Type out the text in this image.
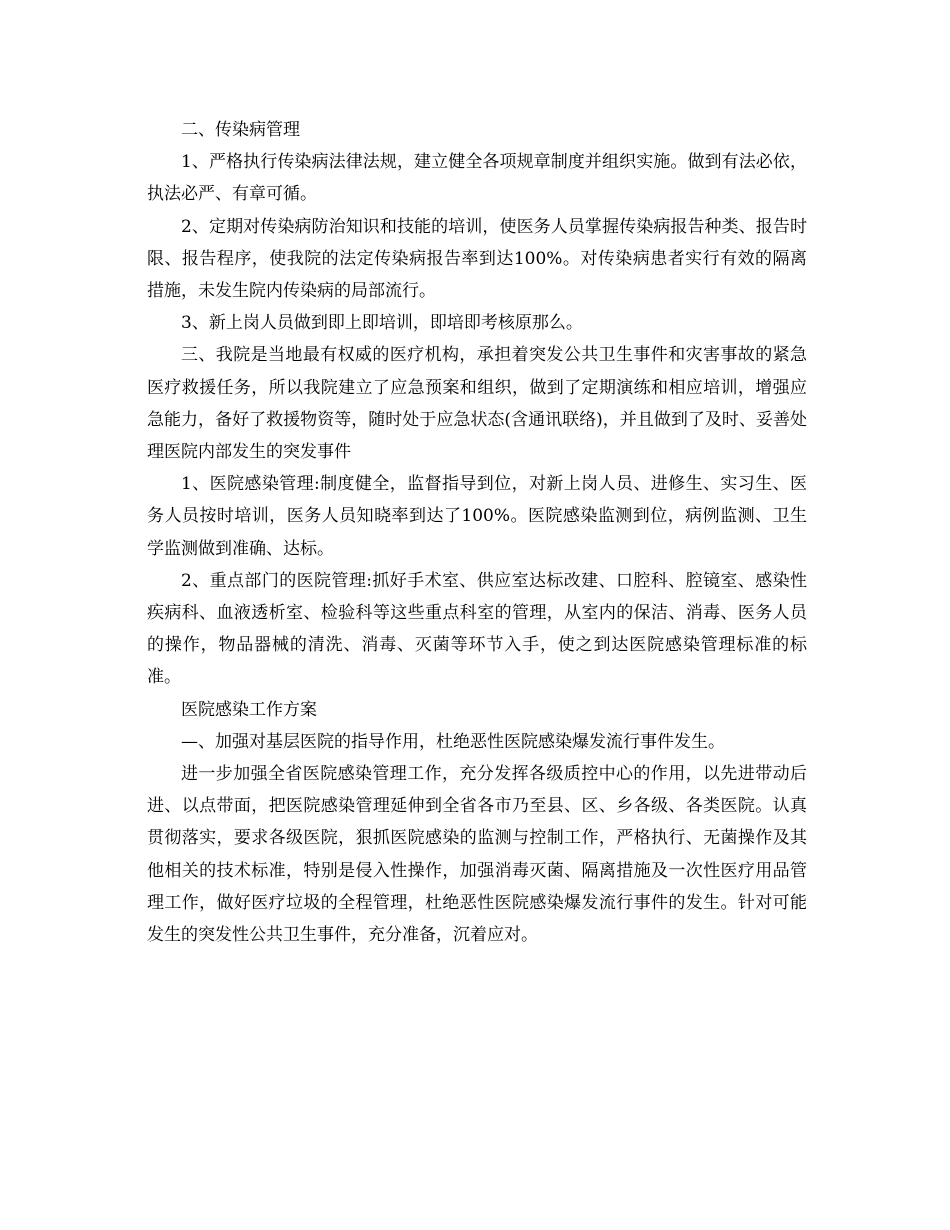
二、传染病管理

1、严格执行传染病法律法规，建立健全各项规章制度并组织实施。做到有法必依，执法必严、有章可循。

2、定期对传染病防治知识和技能的培训，使医务人员掌握传染病报告种类、报告时限、报告程序，使我院的法定传染病报告率到达100%。对传染病患者实行有效的隔离措施，未发生院内传染病的局部流行。

3、新上岗人员做到即上即培训，即培即考核原那么。

三、我院是当地最有权威的医疗机构，承担着突发公共卫生事件和灾害事故的紧急医疗救援任务，所以我院建立了应急预案和组织，做到了定期演练和相应培训，增强应急能力，备好了救援物资等，随时处于应急状态(含通讯联络)，并且做到了及时、妥善处理医院内部发生的突发事件

1、医院感染管理:制度健全，监督指导到位，对新上岗人员、进修生、实习生、医务人员按时培训，医务人员知晓率到达了100%。医院感染监测到位，病例监测、卫生学监测做到准确、达标。

2、重点部门的医院管理:抓好手术室、供应室达标改建、口腔科、腔镜室、感染性疾病科、血液透析室、检验科等这些重点科室的管理，从室内的保洁、消毒、医务人员的操作，物品器械的清洗、消毒、灭菌等环节入手，使之到达医院感染管理标准的标准。

医院感染工作方案

—、加强对基层医院的指导作用，杜绝恶性医院感染爆发流行事件发生。

进一步加强全省医院感染管理工作，充分发挥各级质控中心的作用，以先进带动后进、以点带面，把医院感染管理延伸到全省各市乃至县、区、乡各级、各类医院。认真贯彻落实，要求各级医院，狠抓医院感染的监测与控制工作，严格执行、无菌操作及其他相关的技术标准，特别是侵入性操作，加强消毒灭菌、隔离措施及一次性医疗用品管理工作，做好医疗垃圾的全程管理，杜绝恶性医院感染爆发流行事件的发生。针对可能发生的突发性公共卫生事件，充分准备，沉着应对。
